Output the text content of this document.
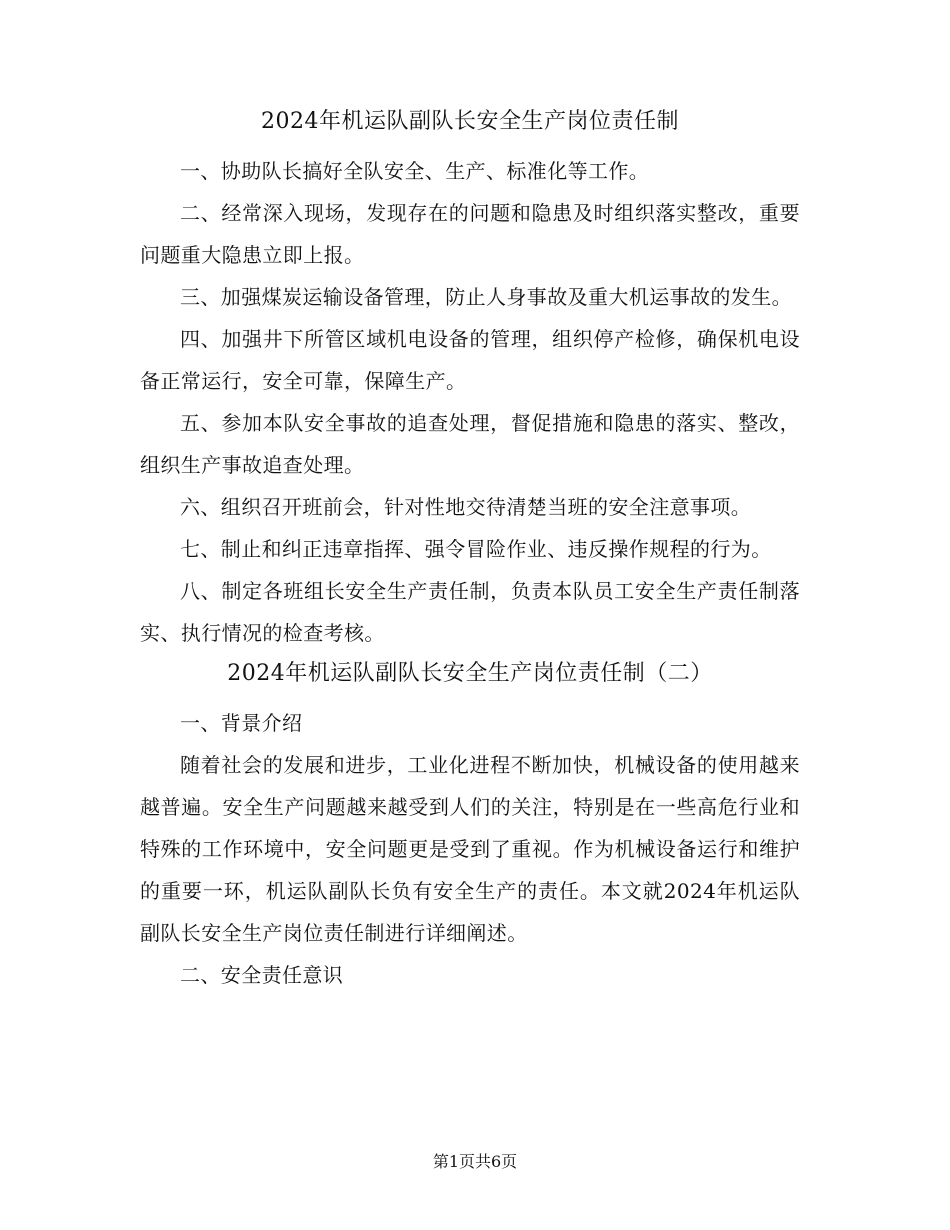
2024年机运队副队长安全生产岗位责任制

一、协助队长搞好全队安全、生产、标准化等工作。

二、经常深入现场，发现存在的问题和隐患及时组织落实整改，重要问题重大隐患立即上报。

三、加强煤炭运输设备管理，防止人身事故及重大机运事故的发生。

四、加强井下所管区域机电设备的管理，组织停产检修，确保机电设备正常运行，安全可靠，保障生产。

五、参加本队安全事故的追查处理，督促措施和隐患的落实、整改，组织生产事故追查处理。

六、组织召开班前会，针对性地交待清楚当班的安全注意事项。

七、制止和纠正违章指挥、强令冒险作业、违反操作规程的行为。

八、制定各班组长安全生产责任制，负责本队员工安全生产责任制落实、执行情况的检查考核。

2024年机运队副队长安全生产岗位责任制（二）

一、背景介绍

随着社会的发展和进步，工业化进程不断加快，机械设备的使用越来越普遍。安全生产问题越来越受到人们的关注，特别是在一些高危行业和特殊的工作环境中，安全问题更是受到了重视。作为机械设备运行和维护的重要一环，机运队副队长负有安全生产的责任。本文就2024年机运队副队长安全生产岗位责任制进行详细阐述。

二、安全责任意识

第1页共6页
